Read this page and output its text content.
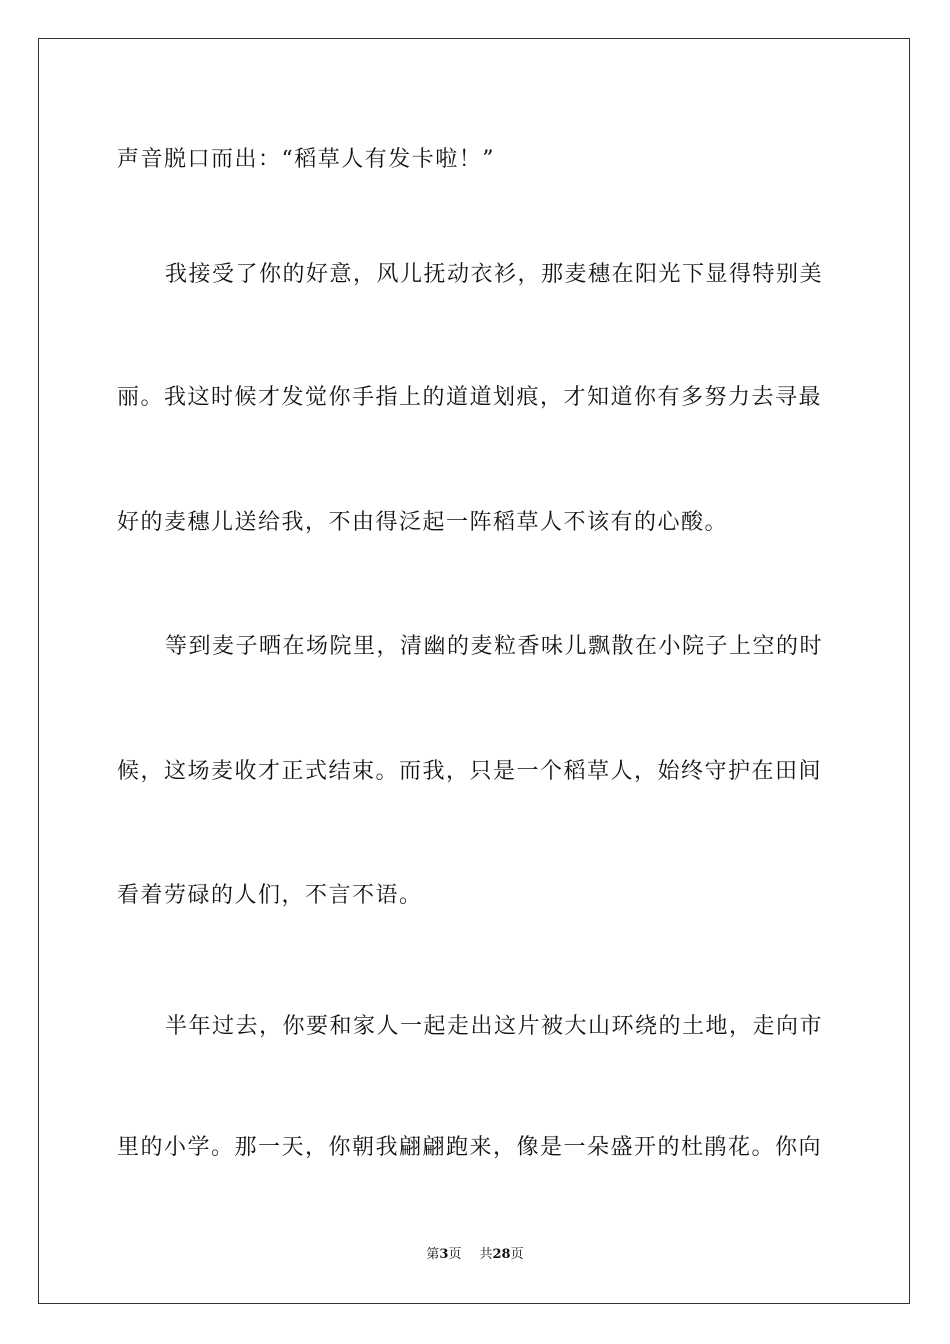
声音脱口而出：“稻草人有发卡啦！”
我接受了你的好意，风儿抚动衣衫，那麦穗在阳光下显得特别美
丽。我这时候才发觉你手指上的道道划痕，才知道你有多努力去寻最
好的麦穗儿送给我，不由得泛起一阵稻草人不该有的心酸。
等到麦子晒在场院里，清幽的麦粒香味儿飘散在小院子上空的时
候，这场麦收才正式结束。而我，只是一个稻草人，始终守护在田间
看着劳碌的人们，不言不语。
半年过去，你要和家人一起走出这片被大山环绕的土地，走向市
里的小学。那一天，你朝我翩翩跑来，像是一朵盛开的杜鹃花。你向
第3页 共28页
